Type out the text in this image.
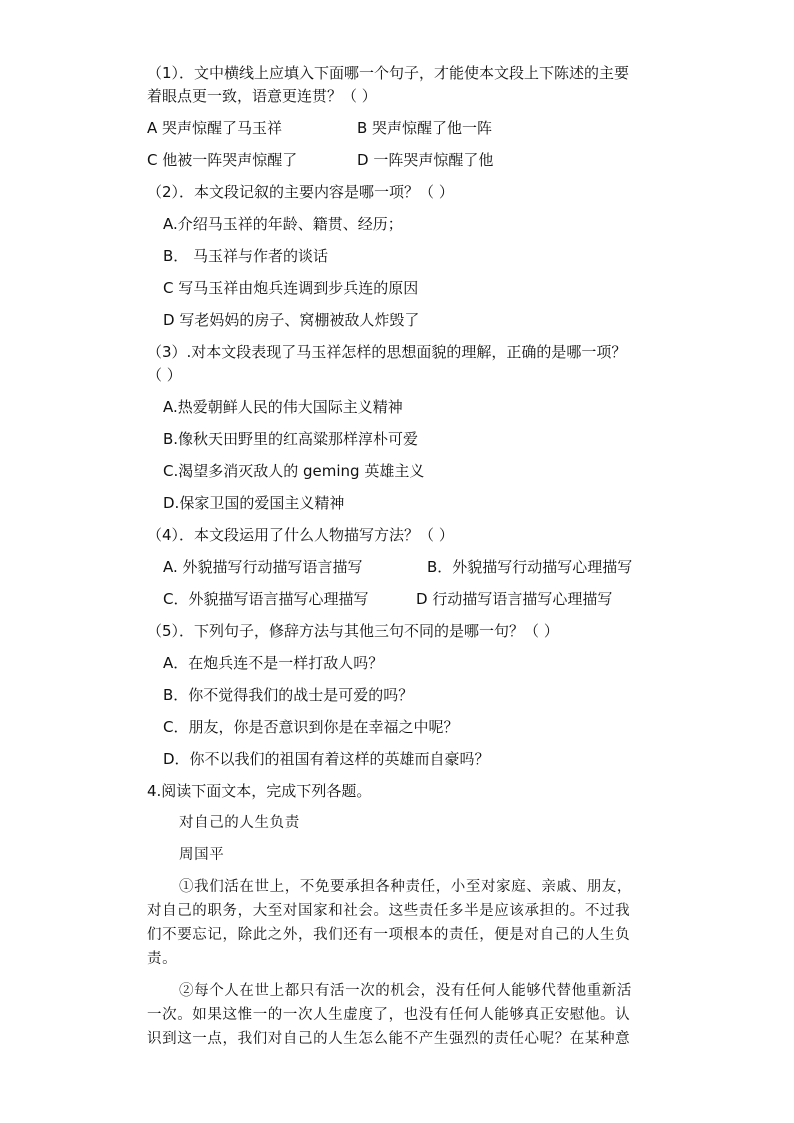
（1）．文中横线上应填入下面哪一个句子，才能使本文段上下陈述的主要
着眼点更一致，语意更连贯？（ ）
A 哭声惊醒了马玉祥	B 哭声惊醒了他一阵
C 他被一阵哭声惊醒了	D 一阵哭声惊醒了他
（2）．本文段记叙的主要内容是哪一项？（ ）
A.介绍马玉祥的年龄、籍贯、经历；
B． 马玉祥与作者的谈话
C 写马玉祥由炮兵连调到步兵连的原因
D 写老妈妈的房子、窝棚被敌人炸毁了
（3）.对本文段表现了马玉祥怎样的思想面貌的理解，正确的是哪一项？
（ ）
A.热爱朝鲜人民的伟大国际主义精神
B.像秋天田野里的红高粱那样淳朴可爱
C.渴望多消灭敌人的 geming 英雄主义
D.保家卫国的爱国主义精神
（4）．本文段运用了什么人物描写方法？（ ）
A. 外貌描写行动描写语言描写	B．外貌描写行动描写心理描写
C．外貌描写语言描写心理描写	D 行动描写语言描写心理描写
（5）．下列句子，修辞方法与其他三句不同的是哪一句？（ ）
A．在炮兵连不是一样打敌人吗？
B．你不觉得我们的战士是可爱的吗？
C．朋友，你是否意识到你是在幸福之中呢？
D．你不以我们的祖国有着这样的英雄而自豪吗？
4.阅读下面文本，完成下列各题。
对自己的人生负责
周国平
①我们活在世上，不免要承担各种责任，小至对家庭、亲戚、朋友，
对自己的职务，大至对国家和社会。这些责任多半是应该承担的。不过我
们不要忘记，除此之外，我们还有一项根本的责任，便是对自己的人生负
责。
②每个人在世上都只有活一次的机会，没有任何人能够代替他重新活
一次。如果这惟一的一次人生虚度了，也没有任何人能够真正安慰他。认
识到这一点，我们对自己的人生怎么能不产生强烈的责任心呢？在某种意
